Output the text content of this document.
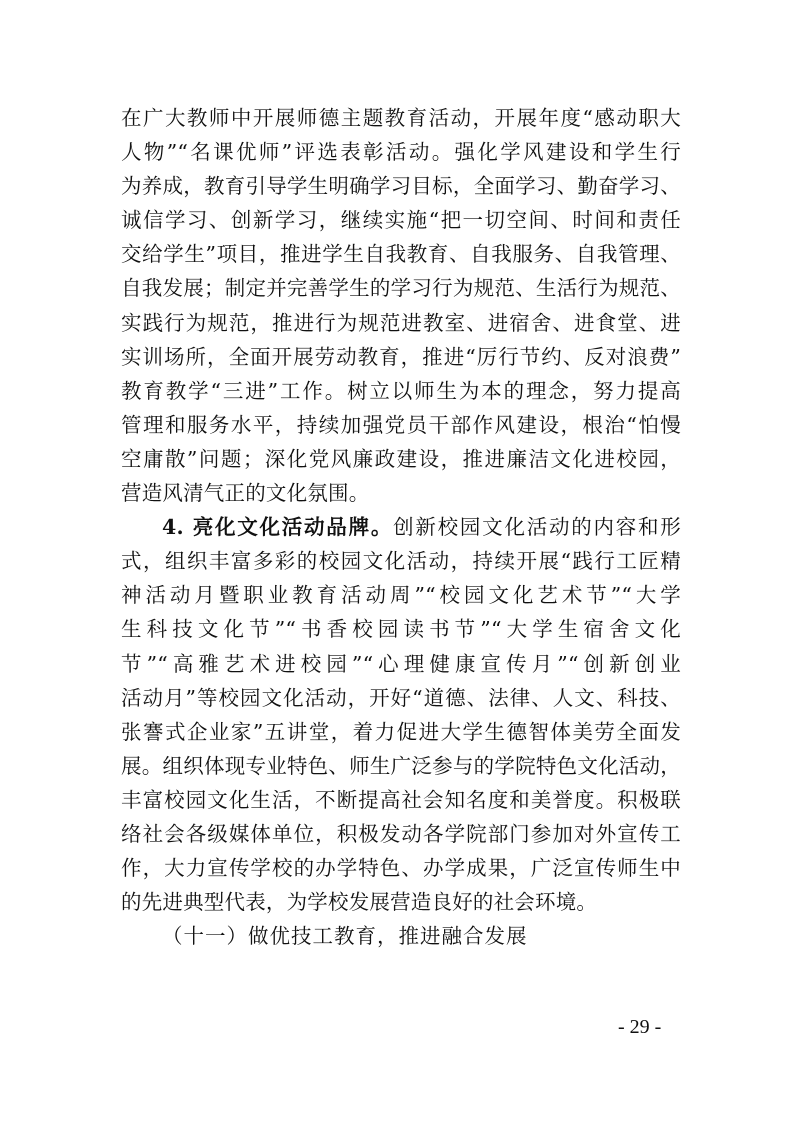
在广大教师中开展师德主题教育活动，开展年度“感动职大
人物”“名课优师”评选表彰活动。强化学风建设和学生行
为养成，教育引导学生明确学习目标，全面学习、勤奋学习、
诚信学习、创新学习，继续实施“把一切空间、时间和责任
交给学生”项目，推进学生自我教育、自我服务、自我管理、
自我发展；制定并完善学生的学习行为规范、生活行为规范、
实践行为规范，推进行为规范进教室、进宿舍、进食堂、进
实训场所，全面开展劳动教育，推进“厉行节约、反对浪费”
教育教学“三进”工作。树立以师生为本的理念，努力提高
管理和服务水平，持续加强党员干部作风建设，根治“怕慢
空庸散”问题；深化党风廉政建设，推进廉洁文化进校园，
营造风清气正的文化氛围。
4. 亮化文化活动品牌。创新校园文化活动的内容和形
式，组织丰富多彩的校园文化活动，持续开展“践行工匠精
神活动月暨职业教育活动周”“校园文化艺术节”“大学
生科技文化节”“书香校园读书节”“大学生宿舍文化
节”“高雅艺术进校园”“心理健康宣传月”“创新创业
活动月”等校园文化活动，开好“道德、法律、人文、科技、
张謇式企业家”五讲堂，着力促进大学生德智体美劳全面发
展。组织体现专业特色、师生广泛参与的学院特色文化活动，
丰富校园文化生活，不断提高社会知名度和美誉度。积极联
络社会各级媒体单位，积极发动各学院部门参加对外宣传工
作，大力宣传学校的办学特色、办学成果，广泛宣传师生中
的先进典型代表，为学校发展营造良好的社会环境。
（十一）做优技工教育，推进融合发展
- 29 -
